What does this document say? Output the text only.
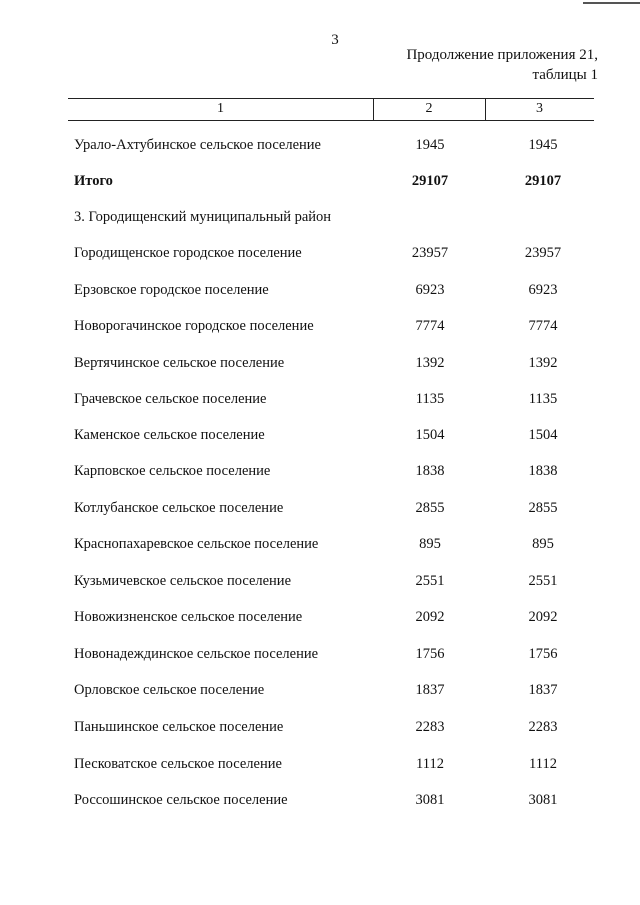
3
Продолжение приложения 21,
таблицы 1
1	2	3
Урало-Ахтубинское сельское поселение	1945	1945
Итого	29107	29107
3. Городищенский муниципальный район
Городищенское городское поселение	23957	23957
Ерзовское городское поселение	6923	6923
Новорогачинское городское поселение	7774	7774
Вертячинское сельское поселение	1392	1392
Грачевское сельское поселение	1135	1135
Каменское сельское поселение	1504	1504
Карповское сельское поселение	1838	1838
Котлубанское сельское поселение	2855	2855
Краснопахаревское сельское поселение	895	895
Кузьмичевское сельское поселение	2551	2551
Новожизненское сельское поселение	2092	2092
Новонадеждинское сельское поселение	1756	1756
Орловское сельское поселение	1837	1837
Паньшинское сельское поселение	2283	2283
Песковатское сельское поселение	1112	1112
Россошинское сельское поселение	3081	3081
